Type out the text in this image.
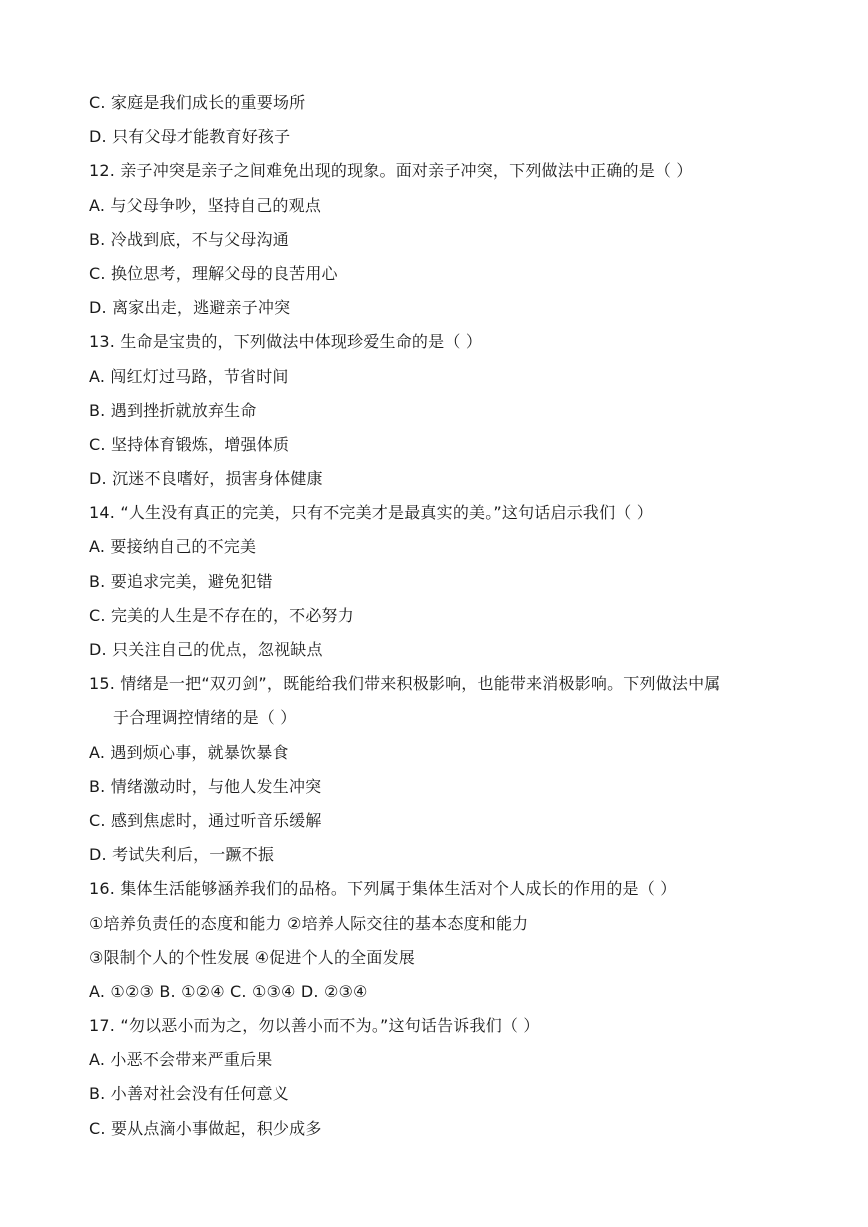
C. 家庭是我们成长的重要场所
D. 只有父母才能教育好孩子
12. 亲子冲突是亲子之间难免出现的现象。面对亲子冲突，下列做法中正确的是（ ）
A. 与父母争吵，坚持自己的观点
B. 冷战到底，不与父母沟通
C. 换位思考，理解父母的良苦用心
D. 离家出走，逃避亲子冲突
13. 生命是宝贵的，下列做法中体现珍爱生命的是（ ）
A. 闯红灯过马路，节省时间
B. 遇到挫折就放弃生命
C. 坚持体育锻炼，增强体质
D. 沉迷不良嗜好，损害身体健康
14. “人生没有真正的完美，只有不完美才是最真实的美。”这句话启示我们（ ）
A. 要接纳自己的不完美
B. 要追求完美，避免犯错
C. 完美的人生是不存在的，不必努力
D. 只关注自己的优点，忽视缺点
15. 情绪是一把“双刃剑”，既能给我们带来积极影响，也能带来消极影响。下列做法中属
于合理调控情绪的是（ ）
A. 遇到烦心事，就暴饮暴食
B. 情绪激动时，与他人发生冲突
C. 感到焦虑时，通过听音乐缓解
D. 考试失利后，一蹶不振
16. 集体生活能够涵养我们的品格。下列属于集体生活对个人成长的作用的是（ ）
①培养负责任的态度和能力 ②培养人际交往的基本态度和能力
③限制个人的个性发展 ④促进个人的全面发展
A. ①②③ B. ①②④ C. ①③④ D. ②③④
17. “勿以恶小而为之，勿以善小而不为。”这句话告诉我们（ ）
A. 小恶不会带来严重后果
B. 小善对社会没有任何意义
C. 要从点滴小事做起，积少成多
